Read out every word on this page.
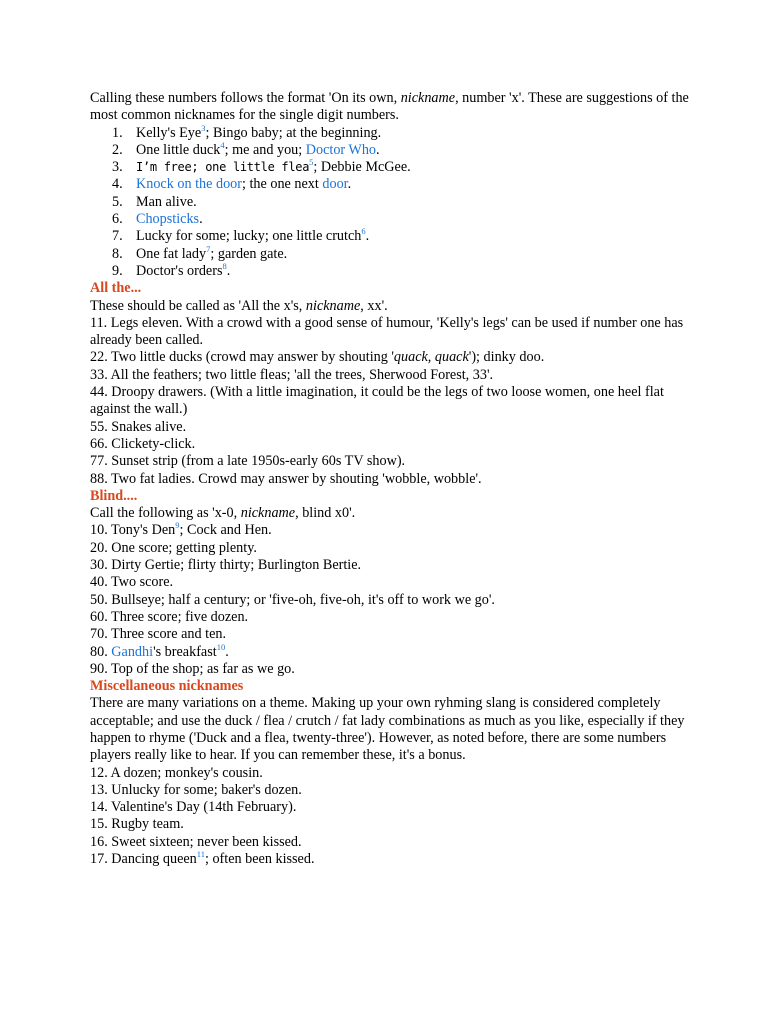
Calling these numbers follows the format 'On its own, nickname, number 'x'. These are suggestions of the most common nicknames for the single digit numbers.
1. Kelly's Eye$^3$; Bingo baby; at the beginning.
2. One little duck$^4$; me and you; Doctor Who.
3. I’m free; one little flea$^5$; Debbie McGee.
4. Knock on the door; the one next door.
5. Man alive.
6. Chopsticks.
7. Lucky for some; lucky; one little crutch$^6$.
8. One fat lady$^7$; garden gate.
9. Doctor's orders$^8$.
All the...
These should be called as 'All the x's, nickname, xx'.
11. Legs eleven. With a crowd with a good sense of humour, 'Kelly's legs' can be used if number one has already been called.
22. Two little ducks (crowd may answer by shouting 'quack, quack'); dinky doo.
33. All the feathers; two little fleas; 'all the trees, Sherwood Forest, 33'.
44. Droopy drawers. (With a little imagination, it could be the legs of two loose women, one heel flat against the wall.)
55. Snakes alive.
66. Clickety-click.
77. Sunset strip (from a late 1950s-early 60s TV show).
88. Two fat ladies. Crowd may answer by shouting 'wobble, wobble'.
Blind....
Call the following as 'x-0, nickname, blind x0'.
10. Tony's Den$^9$; Cock and Hen.
20. One score; getting plenty.
30. Dirty Gertie; flirty thirty; Burlington Bertie.
40. Two score.
50. Bullseye; half a century; or 'five-oh, five-oh, it's off to work we go'.
60. Three score; five dozen.
70. Three score and ten.
80. Gandhi's breakfast$^{10}$.
90. Top of the shop; as far as we go.
Miscellaneous nicknames
There are many variations on a theme. Making up your own ryhming slang is considered completely acceptable; and use the duck / flea / crutch / fat lady combinations as much as you like, especially if they happen to rhyme ('Duck and a flea, twenty-three'). However, as noted before, there are some numbers players really like to hear. If you can remember these, it's a bonus.
12. A dozen; monkey's cousin.
13. Unlucky for some; baker's dozen.
14. Valentine's Day (14th February).
15. Rugby team.
16. Sweet sixteen; never been kissed.
17. Dancing queen$^{11}$; often been kissed.
